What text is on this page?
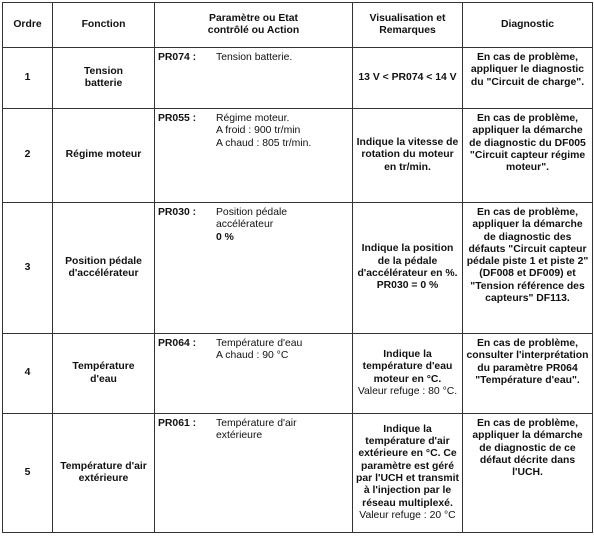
Ordre	Fonction	Paramètre ou Etat contrôlé ou Action	Visualisation et Remarques	Diagnostic
1	Tension batterie	PR074 : Tension batterie.	13 V < PR074 < 14 V	En cas de problème, appliquer le diagnostic du "Circuit de charge".

2	Régime moteur	PR055 : Régime moteur.
A froid : 900 tr/min
A chaud : 805 tr/min.	Indique la vitesse de rotation du moteur en tr/min.	En cas de problème, appliquer la démarche de diagnostic du DF005 "Circuit capteur régime moteur".

3	Position pédale d'accélérateur	PR030 : Position pédale accélérateur
0 %	Indique la position de la pédale d'accélérateur en %. PR030 = 0 %	En cas de problème, appliquer la démarche de diagnostic des défauts "Circuit capteur pédale piste 1 et piste 2" (DF008 et DF009) et "Tension référence des capteurs" DF113.

4	Température d'eau	PR064 : Température d'eau
A chaud : 90 °C	Indique la température d'eau moteur en °C.
Valeur refuge : 80 °C.	En cas de problème, consulter l'interprétation du paramètre PR064 "Température d'eau".

5	Température d'air extérieure	PR061 : Température d'air extérieure	Indique la température d'air extérieure en °C. Ce paramètre est géré par l'UCH et transmit à l'injection par le réseau multiplexé.
Valeur refuge : 20 °C	En cas de problème, appliquer la démarche de diagnostic de ce défaut décrite dans l'UCH.
